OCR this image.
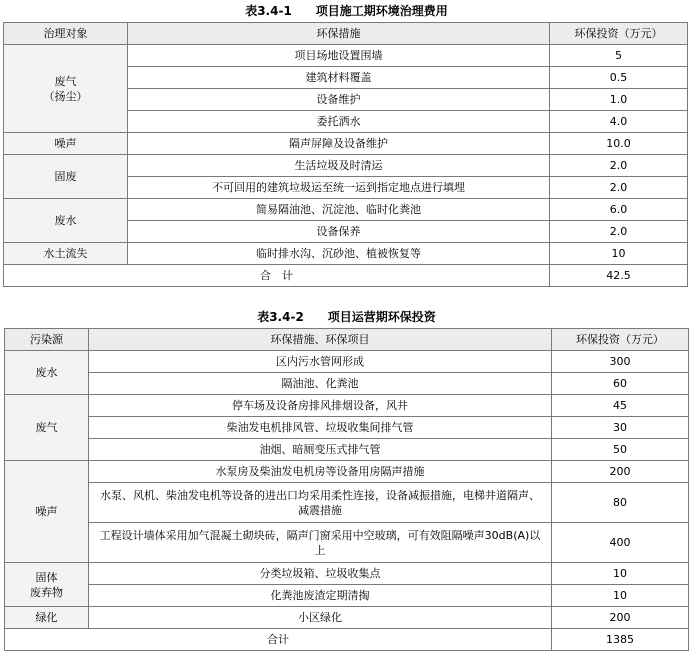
表3.4-1　　项目施工期环境治理费用
治理对象	环保措施	环保投资（万元）
废气
（扬尘）	项目场地设置围墙	5
	建筑材料覆盖	0.5
	设备维护	1.0
	委托洒水	4.0
噪声	隔声屏障及设备维护	10.0
固废	生活垃圾及时清运	2.0
	不可回用的建筑垃圾运至统一运到指定地点进行填埋	2.0
废水	简易隔油池、沉淀池、临时化粪池	6.0
	设备保养	2.0
水土流失	临时排水沟、沉砂池、植被恢复等	10
合　计		42.5
表3.4-2　　项目运营期环保投资
污染源	环保措施、环保项目	环保投资（万元）
废水	区内污水管网形成	300
	隔油池、化粪池	60
废气	停车场及设备房排风排烟设备，风井	45
	柴油发电机排风管、垃圾收集间排气管	30
	油烟、暗厕变压式排气管	50
噪声	水泵房及柴油发电机房等设备用房隔声措施	200
	水泵、风机、柴油发电机等设备的进出口均采用柔性连接，设备减振措施，电梯井道隔声、减震措施	80
	工程设计墙体采用加气混凝土砌块砖，隔声门窗采用中空玻璃，可有效阻隔噪声30dB(A)以上	400
固体
废弃物	分类垃圾箱、垃圾收集点	10
	化粪池废渣定期清掏	10
绿化	小区绿化	200
合计		1385
